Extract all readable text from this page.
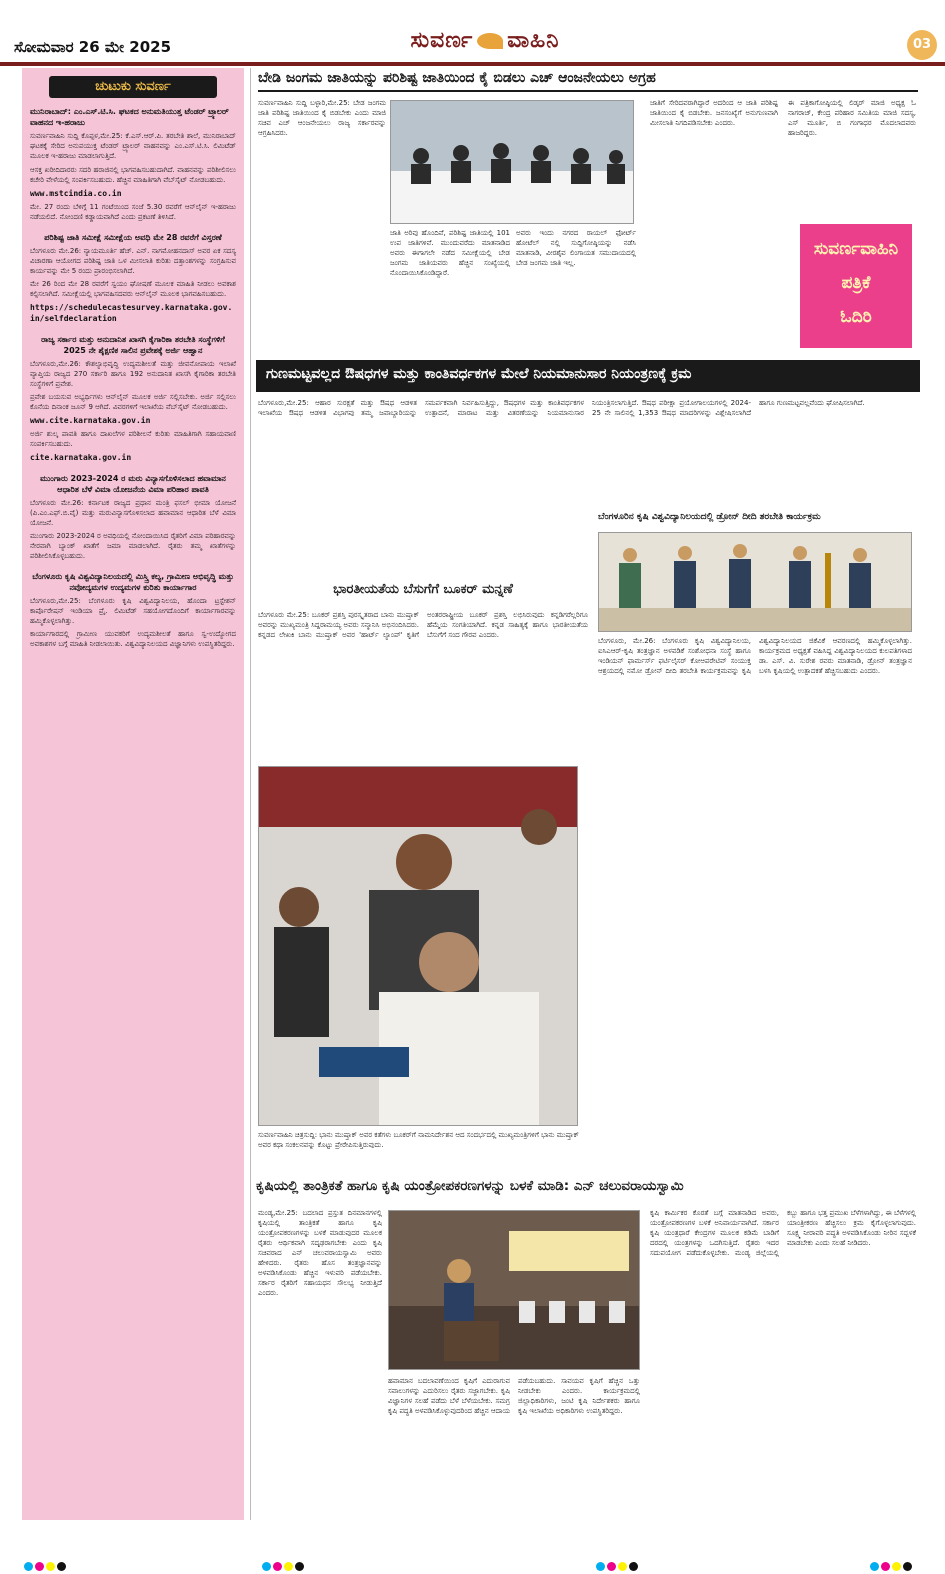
ಸೋಮವಾರ 26 ಮೇ 2025	ಸುವರ್ಣ ವಾಹಿನಿ	03
ಚುಟುಕು ಸುವರ್ಣ
ಮುನಿರಾಬಾದ್: ಎಂ.ಎಸ್.ಟಿ.ಸಿ. ಘಟಕದ ಅನುಮತಿಯುತ್ತ ಟೆಂಡರ್ ಟ್ರ್ಯಾಲರ್ ವಾಹನದ ಇ-ಹರಾಜು
ಸುವರ್ಣವಾಹಿನಿ ಸುದ್ದಿ ಕೊಪ್ಪಳ,ಮೇ.25: ಕೆ.ಎಸ್.ಆರ್.ಪಿ. ತರಬೇತಿ ಶಾಲೆ, ಮುನಿರಾಬಾದ್ ಘಟಕಕ್ಕೆ ಸೇರಿದ ಅನುಪಯುಕ್ತ ಟೆಂಡರ್ ಟ್ರ್ಯಾಲರ್ ವಾಹನವನ್ನು ಎಂ.ಎಸ್.ಟಿ.ಸಿ. ಲಿಮಿಟೆಡ್ ಮೂಲಕ ಇ-ಹರಾಜು ಮಾಡಲಾಗುತ್ತಿದೆ.
ಆಸಕ್ತ ಖರೀದಿದಾರರು ಸದರಿ ಹರಾಜಿನಲ್ಲಿ ಭಾಗವಹಿಸಬಹುದಾಗಿದೆ. ವಾಹನವನ್ನು ಪರಿಶೀಲಿಸಲು ಕಚೇರಿ ವೇಳೆಯಲ್ಲಿ ಸಂಪರ್ಕಿಸಬಹುದು. ಹೆಚ್ಚಿನ ಮಾಹಿತಿಗಾಗಿ ವೆಬ್‌ಸೈಟ್ ನೋಡಬಹುದು.
www.mstcindia.co.in
ಮೇ. 27 ರಂದು ಬೆಳಿಗ್ಗೆ 11 ಗಂಟೆಯಿಂದ ಸಂಜೆ 5.30 ರವರೆಗೆ ಆನ್‌ಲೈನ್ ಇ-ಹರಾಜು ನಡೆಯಲಿದೆ. ನೋಂದಣಿ ಕಡ್ಡಾಯವಾಗಿದೆ ಎಂದು ಪ್ರಕಟಣೆ ತಿಳಿಸಿದೆ.
ಪರಿಶಿಷ್ಟ ಜಾತಿ ಸಮೀಕ್ಷೆ ಸಮೀಕ್ಷೆಯ ಅವಧಿ ಮೇ 28 ರವರೆಗೆ ವಿಸ್ತರಣೆ
ಬೆಂಗಳೂರು ಮೇ.26: ನ್ಯಾಯಮೂರ್ತಿ ಹೆಚ್. ಎನ್. ನಾಗಮೋಹನದಾಸ್ ಅವರ ಏಕ ಸದಸ್ಯ ವಿಚಾರಣಾ ಆಯೋಗದ ಪರಿಶಿಷ್ಟ ಜಾತಿ ಒಳ ಮೀಸಲಾತಿ ಕುರಿತು ದತ್ತಾಂಶಗಳನ್ನು ಸಂಗ್ರಹಿಸುವ ಕಾರ್ಯವನ್ನು ಮೇ 5 ರಂದು ಪ್ರಾರಂಭಿಸಲಾಗಿದೆ.
ಮೇ 26 ರಿಂದ ಮೇ 28 ರವರೆಗೆ ಸ್ವಯಂ ಘೋಷಣೆ ಮೂಲಕ ಮಾಹಿತಿ ನೀಡಲು ಅವಕಾಶ ಕಲ್ಪಿಸಲಾಗಿದೆ. ಸಮೀಕ್ಷೆಯಲ್ಲಿ ಭಾಗವಹಿಸದವರು ಆನ್‌ಲೈನ್ ಮೂಲಕ ಭಾಗವಹಿಸಬಹುದು.
https://schedulecastesurvey.karnataka.gov.in/selfdeclaration
ರಾಜ್ಯ ಸರ್ಕಾರ ಮತ್ತು ಅನುದಾನಿತ ಖಾಸಗಿ ಕೈಗಾರಿಕಾ ತರಬೇತಿ ಸಂಸ್ಥೆಗಳಿಗೆ 2025 ನೇ ಶೈಕ್ಷಣಿಕ ಸಾಲಿನ ಪ್ರವೇಶಕ್ಕೆ ಅರ್ಜಿ ಆಹ್ವಾನ
ಬೆಂಗಳೂರು,ಮೇ.26: ಕೌಶಲ್ಯಾಭಿವೃದ್ಧಿ ಉದ್ಯಮಶೀಲತೆ ಮತ್ತು ಜೀವನೋಪಾಯ ಇಲಾಖೆ ವ್ಯಾಪ್ತಿಯ ರಾಜ್ಯದ 270 ಸರ್ಕಾರಿ ಹಾಗೂ 192 ಅನುದಾನಿತ ಖಾಸಗಿ ಕೈಗಾರಿಕಾ ತರಬೇತಿ ಸಂಸ್ಥೆಗಳಿಗೆ ಪ್ರವೇಶ.
ಪ್ರವೇಶ ಬಯಸುವ ಅಭ್ಯರ್ಥಿಗಳು ಆನ್‌ಲೈನ್ ಮೂಲಕ ಅರ್ಜಿ ಸಲ್ಲಿಸಬೇಕು. ಅರ್ಜಿ ಸಲ್ಲಿಸಲು ಕೊನೆಯ ದಿನಾಂಕ ಜೂನ್ 9 ಆಗಿದೆ. ವಿವರಗಳಿಗೆ ಇಲಾಖೆಯ ವೆಬ್‌ಸೈಟ್ ನೋಡಬಹುದು.
www.cite.karnataka.gov.in
ಅರ್ಜಿ ಶುಲ್ಕ ಪಾವತಿ ಹಾಗೂ ದಾಖಲೆಗಳ ಪರಿಶೀಲನೆ ಕುರಿತು ಮಾಹಿತಿಗಾಗಿ ಸಹಾಯವಾಣಿ ಸಂಪರ್ಕಿಸಬಹುದು.
cite.karnataka.gov.in
ಮುಂಗಾರು 2023-2024 ರ ಮರು ವಿನ್ಯಾಸಗೊಳಿಸಲಾದ ಹವಾಮಾನ ಆಧಾರಿತ ಬೆಳೆ ವಿಮಾ ಯೋಜನೆಯ ವಿಮಾ ಪರಿಹಾರ ಪಾವತಿ
ಬೆಂಗಳೂರು ಮೇ.26: ಕರ್ನಾಟಕ ರಾಜ್ಯದ ಪ್ರಧಾನ ಮಂತ್ರಿ ಫಸಲ್ ಭೀಮಾ ಯೋಜನೆ (ಪಿ.ಎಂ.ಎಫ್.ಬಿ.ವೈ) ಮತ್ತು ಮರುವಿನ್ಯಾಸಗೊಳಿಸಲಾದ ಹವಾಮಾನ ಆಧಾರಿತ ಬೆಳೆ ವಿಮಾ ಯೋಜನೆ.
ಮುಂಗಾರು 2023-2024 ರ ಅವಧಿಯಲ್ಲಿ ನೋಂದಾಯಿಸಿದ ರೈತರಿಗೆ ವಿಮಾ ಪರಿಹಾರವನ್ನು ನೇರವಾಗಿ ಬ್ಯಾಂಕ್ ಖಾತೆಗೆ ಜಮಾ ಮಾಡಲಾಗಿದೆ. ರೈತರು ತಮ್ಮ ಖಾತೆಗಳನ್ನು ಪರಿಶೀಲಿಸಿಕೊಳ್ಳಬಹುದು.
ಬೆಂಗಳೂರು ಕೃಷಿ ವಿಶ್ವವಿದ್ಯಾನಿಲಯದಲ್ಲಿ ಮಿಸ್ತ್ರಿ ಕಲ್ಯ, ಗ್ರಾಮೀಣ ಅಭಿವೃದ್ಧಿ ಮತ್ತು ನವೋದ್ಯಮಗಳ ಉದ್ಯಮಗಳ ಕುರಿತು ಕಾರ್ಯಾಗಾರ
ಬೆಂಗಳೂರು,ಮೇ.25: ಬೆಂಗಳೂರು ಕೃಷಿ ವಿಶ್ವವಿದ್ಯಾನಿಲಯ, ಹೊಂದಾ ಟ್ರಸ್ಟೇಶನ್ ಕಾರ್ಪೊರೇಷನ್ ಇಂಡಿಯಾ ಪ್ರೈ. ಲಿಮಿಟೆಡ್ ಸಹಯೋಗದೊಂದಿಗೆ ಕಾರ್ಯಾಗಾರವನ್ನು ಹಮ್ಮಿಕೊಳ್ಳಲಾಗಿತ್ತು.
ಕಾರ್ಯಾಗಾರದಲ್ಲಿ ಗ್ರಾಮೀಣ ಯುವಕರಿಗೆ ಉದ್ಯಮಶೀಲತೆ ಹಾಗೂ ಸ್ವ-ಉದ್ಯೋಗದ ಅವಕಾಶಗಳ ಬಗ್ಗೆ ಮಾಹಿತಿ ನೀಡಲಾಯಿತು. ವಿಶ್ವವಿದ್ಯಾನಿಲಯದ ವಿಜ್ಞಾನಿಗಳು ಉಪಸ್ಥಿತರಿದ್ದರು.
ಬೇಡಿ ಜಂಗಮ ಜಾತಿಯನ್ನು ಪರಿಶಿಷ್ಟ ಜಾತಿಯಿಂದ ಕೈ ಬಿಡಲು ಎಚ್ ಆಂಜನೇಯಲು ಅಗ್ರಹ
ಸುವರ್ಣವಾಹಿನಿ ಸುದ್ದಿ ಬಳ್ಳಾರಿ,ಮೇ.25: ಬೇಡ ಜಂಗಮ ಜಾತಿ ಪರಿಶಿಷ್ಟ ಜಾತಿಯಿಂದ ಕೈ ಬಿಡಬೇಕು ಎಂದು ಮಾಜಿ ಸಚಿವ ಎಚ್ ಆಂಜನೇಯಲು ರಾಜ್ಯ ಸರ್ಕಾರವನ್ನು ಆಗ್ರಹಿಸಿದರು.
ಜಾತಿ ಅರಿವು ಹೊಂದಿವೆ, ಪರಿಶಿಷ್ಟ ಜಾತಿಯಲ್ಲಿ 101 ಉಪ ಜಾತಿಗಳಿವೆ. ಮುಂದುವರೆದು ಮಾತನಾಡಿದ ಅವರು ಈಗಾಗಲೇ ನಡೆದ ಸಮೀಕ್ಷೆಯಲ್ಲಿ ಬೇಡ ಜಂಗಮ ಜಾತಿಯವರು ಹೆಚ್ಚಿನ ಸಂಖ್ಯೆಯಲ್ಲಿ ನೊಂದಾಯಿಸಿಕೊಂಡಿದ್ದಾರೆ.
ಅವರು ಇಂದು ನಗರದ ರಾಯಲ್ ಫೋರ್ಟ್ ಹೋಟೆಲ್ ನಲ್ಲಿ ಸುದ್ದಿಗೋಷ್ಠಿಯನ್ನು ನಡೆಸಿ ಮಾತನಾಡಿ, ವೀರಶೈವ ಲಿಂಗಾಯತ ಸಮುದಾಯದಲ್ಲಿ ಬೇಡ ಜಂಗಮ ಜಾತಿ ಇಲ್ಲ.
ಜಾತಿಗೆ ಸೇರಿದವರಾಗಿದ್ದಾರೆ ಅದರಿಂದ ಆ ಜಾತಿ ಪರಿಶಿಷ್ಟ ಜಾತಿಯಿಂದ ಕೈ ಬಿಡಬೇಕು. ಜನಸಂಖ್ಯೆಗೆ ಅನುಗುಣವಾಗಿ ಮೀಸಲಾತಿ ನಿಗದಿಪಡಿಸಬೇಕು ಎಂದರು.
ಈ ಪತ್ರಿಕಾಗೋಷ್ಠಿಯಲ್ಲಿ ಲಿಡ್ಕರ್ ಮಾಜಿ ಅಧ್ಯಕ್ಷ ಓ ನಾಗರಾಜ್, ಕೇಂದ್ರ ಪರಿಹಾರ ಸಮಿತಿಯ ಮಾಜಿ ಸದಸ್ಯ, ಎಸ್ ಮೂರ್ತಿ, ಬಿ ಗಂಗಾಧರ ಮೊದಲಾದವರು ಹಾಜರಿದ್ದರು.
ಸುವರ್ಣವಾಹಿನಿ
ಪತ್ರಿಕೆ
ಓದಿರಿ
ಗುಣಮಟ್ಟವಲ್ಲದ ಔಷಧಗಳ ಮತ್ತು ಕಾಂತಿವರ್ಧಕಗಳ ಮೇಲೆ ನಿಯಮಾನುಸಾರ ನಿಯಂತ್ರಣಕ್ಕೆ ಕ್ರಮ
ಬೆಂಗಳೂರು,ಮೇ.25: ಆಹಾರ ಸುರಕ್ಷತೆ ಮತ್ತು ಔಷಧ ಆಡಳಿತ ಇಲಾಖೆಯ ಔಷಧ ಆಡಳಿತ ವಿಭಾಗವು ತಮ್ಮ ಜವಾಬ್ದಾರಿಯನ್ನು ಸಮರ್ಪಕವಾಗಿ ನಿರ್ವಹಿಸುತ್ತಿದ್ದು, ಔಷಧಗಳ ಮತ್ತು ಕಾಂತಿವರ್ಧಕಗಳ ಉತ್ಪಾದನೆ, ಮಾರಾಟ ಮತ್ತು ವಿತರಣೆಯನ್ನು ನಿಯಮಾನುಸಾರ ನಿಯಂತ್ರಿಸಲಾಗುತ್ತಿದೆ. ಔಷಧ ಪರೀಕ್ಷಾ ಪ್ರಯೋಗಾಲಯಗಳಲ್ಲಿ 2024-25 ನೇ ಸಾಲಿನಲ್ಲಿ 1,353 ಔಷಧ ಮಾದರಿಗಳನ್ನು ವಿಶ್ಲೇಷಿಸಲಾಗಿದೆ ಹಾಗೂ ಗುಣಮಟ್ಟವಲ್ಲವೆಂದು ಘೋಷಿಸಲಾಗಿದೆ.
ಬೆಂಗಳೂರಿನ ಕೃಷಿ ವಿಶ್ವವಿದ್ಯಾನಿಲಯದಲ್ಲಿ ಡ್ರೋನ್ ದೀದಿ ತರಬೇತಿ ಕಾರ್ಯಕ್ರಮ
ಬೆಂಗಳೂರು, ಮೇ.26: ಬೆಂಗಳೂರು ಕೃಷಿ ವಿಶ್ವವಿದ್ಯಾನಿಲಯ, ಐಸಿಎಆರ್-ಕೃಷಿ ತಂತ್ರಜ್ಞಾನ ಅಳವಡಿಕೆ ಸಂಶೋಧನಾ ಸಂಸ್ಥೆ ಹಾಗೂ ಇಂಡಿಯನ್ ಫಾರ್ಮರ್ಸ್ ಫರ್ಟಿಲೈಸರ್ ಕೋಆಪರೇಟಿವ್ ಸಂಯುಕ್ತ ಆಶ್ರಯದಲ್ಲಿ ನಮೋ ಡ್ರೋನ್ ದೀದಿ ತರಬೇತಿ ಕಾರ್ಯಕ್ರಮವನ್ನು ಕೃಷಿ ವಿಶ್ವವಿದ್ಯಾನಿಲಯದ ಜಿಕೆವಿಕೆ ಆವರಣದಲ್ಲಿ ಹಮ್ಮಿಕೊಳ್ಳಲಾಗಿತ್ತು. ಕಾರ್ಯಕ್ರಮದ ಅಧ್ಯಕ್ಷತೆ ವಹಿಸಿದ್ದ ವಿಶ್ವವಿದ್ಯಾನಿಲಯದ ಕುಲಪತಿಗಳಾದ ಡಾ. ಎಸ್. ವಿ. ಸುರೇಶ ರವರು ಮಾತನಾಡಿ, ಡ್ರೋನ್ ತಂತ್ರಜ್ಞಾನ ಬಳಸಿ ಕೃಷಿಯಲ್ಲಿ ಉತ್ಪಾದಕತೆ ಹೆಚ್ಚಿಸಬಹುದು ಎಂದರು.
ಭಾರತೀಯತೆಯ ಬೆಸುಗೆಗೆ ಬೂಕರ್ ಮನ್ನಣೆ
ಬೆಂಗಳೂರು ಮೇ.25: ಬೂಕರ್ ಪ್ರಶಸ್ತಿ ಪುರಸ್ಕೃತರಾದ ಬಾನು ಮುಷ್ತಾಕ್ ಅವರನ್ನು ಮುಖ್ಯಮಂತ್ರಿ ಸಿದ್ದರಾಮಯ್ಯ ಅವರು ಸನ್ಮಾನಿಸಿ ಅಭಿನಂದಿಸಿದರು. ಕನ್ನಡದ ಲೇಖಕಿ ಬಾನು ಮುಷ್ತಾಕ್ ಅವರ 'ಹಾರ್ಟ್ ಲ್ಯಾಂಪ್' ಕೃತಿಗೆ ಅಂತರರಾಷ್ಟ್ರೀಯ ಬೂಕರ್ ಪ್ರಶಸ್ತಿ ಲಭಿಸಿರುವುದು ಕನ್ನಡಿಗರೆಲ್ಲರಿಗೂ ಹೆಮ್ಮೆಯ ಸಂಗತಿಯಾಗಿದೆ. ಕನ್ನಡ ಸಾಹಿತ್ಯಕ್ಕೆ ಹಾಗೂ ಭಾರತೀಯತೆಯ ಬೆಸುಗೆಗೆ ಸಂದ ಗೌರವ ಎಂದರು.
ಸುವರ್ಣವಾಹಿನಿ ಚಿತ್ರಸುದ್ದಿ: ಭಾನು ಮುಷ್ತಾಕ್ ಅವರ ಕತೆಗಳು ಬೂಕರ್‌ಗೆ ನಾಮನಿರ್ದೇಶನ ಆದ ಸಂದರ್ಭದಲ್ಲಿ ಮುಖ್ಯಮಂತ್ರಿಗಳಿಗೆ ಭಾನು ಮುಷ್ತಾಕ್ ಅವರ ಕಥಾ ಸಂಕಲನವನ್ನು ಕೊಟ್ಟು ಪ್ರೇರೇಪಿಸುತ್ತಿರುವುದು.
ಕೃಷಿಯಲ್ಲಿ ತಾಂತ್ರಿಕತೆ ಹಾಗೂ ಕೃಷಿ ಯಂತ್ರೋಪಕರಣಗಳನ್ನು ಬಳಕೆ ಮಾಡಿ: ಎನ್ ಚಲುವರಾಯಸ್ವಾಮಿ
ಮಂಡ್ಯ,ಮೇ.25: ಬದಲಾದ ಪ್ರಸ್ತುತ ದಿನಮಾನಗಳಲ್ಲಿ ಕೃಷಿಯಲ್ಲಿ ತಾಂತ್ರಿಕತೆ ಹಾಗೂ ಕೃಷಿ ಯಂತ್ರೋಪಕರಣಗಳನ್ನು ಬಳಕೆ ಮಾಡುವುದರ ಮೂಲಕ ರೈತರು ಆರ್ಥಿಕವಾಗಿ ಸದೃಢರಾಗಬೇಕು ಎಂದು ಕೃಷಿ ಸಚಿವರಾದ ಎನ್ ಚಲುವರಾಯಸ್ವಾಮಿ ಅವರು ಹೇಳಿದರು. ರೈತರು ಹೊಸ ತಂತ್ರಜ್ಞಾನವನ್ನು ಅಳವಡಿಸಿಕೊಂಡು ಹೆಚ್ಚಿನ ಇಳುವರಿ ಪಡೆಯಬೇಕು. ಸರ್ಕಾರ ರೈತರಿಗೆ ಸಹಾಯಧನ ಸೌಲಭ್ಯ ನೀಡುತ್ತಿದೆ ಎಂದರು.
ಹವಾಮಾನ ಬದಲಾವಣೆಯಿಂದ ಕೃಷಿಗೆ ಎದುರಾಗುವ ಸವಾಲುಗಳನ್ನು ಎದುರಿಸಲು ರೈತರು ಸಜ್ಜಾಗಬೇಕು. ಕೃಷಿ ವಿಜ್ಞಾನಿಗಳ ಸಲಹೆ ಪಡೆದು ಬೆಳೆ ಬೆಳೆಯಬೇಕು. ಸಮಗ್ರ ಕೃಷಿ ಪದ್ಧತಿ ಅಳವಡಿಸಿಕೊಳ್ಳುವುದರಿಂದ ಹೆಚ್ಚಿನ ಆದಾಯ ಪಡೆಯಬಹುದು. ಸಾವಯವ ಕೃಷಿಗೆ ಹೆಚ್ಚಿನ ಒತ್ತು ನೀಡಬೇಕು ಎಂದರು. ಕಾರ್ಯಕ್ರಮದಲ್ಲಿ ಜಿಲ್ಲಾಧಿಕಾರಿಗಳು, ಜಂಟಿ ಕೃಷಿ ನಿರ್ದೇಶಕರು ಹಾಗೂ ಕೃಷಿ ಇಲಾಖೆಯ ಅಧಿಕಾರಿಗಳು ಉಪಸ್ಥಿತರಿದ್ದರು.
ಕೃಷಿ ಕಾರ್ಮಿಕರ ಕೊರತೆ ಬಗ್ಗೆ ಮಾತನಾಡಿದ ಅವರು, ಯಂತ್ರೋಪಕರಣಗಳ ಬಳಕೆ ಅನಿವಾರ್ಯವಾಗಿದೆ. ಸರ್ಕಾರ ಕೃಷಿ ಯಂತ್ರಧಾರೆ ಕೇಂದ್ರಗಳ ಮೂಲಕ ಕಡಿಮೆ ಬಾಡಿಗೆ ದರದಲ್ಲಿ ಯಂತ್ರಗಳನ್ನು ಒದಗಿಸುತ್ತಿದೆ. ರೈತರು ಇದರ ಸದುಪಯೋಗ ಪಡೆದುಕೊಳ್ಳಬೇಕು. ಮಂಡ್ಯ ಜಿಲ್ಲೆಯಲ್ಲಿ ಕಬ್ಬು ಹಾಗೂ ಭತ್ತ ಪ್ರಮುಖ ಬೆಳೆಗಳಾಗಿದ್ದು, ಈ ಬೆಳೆಗಳಲ್ಲಿ ಯಾಂತ್ರೀಕರಣ ಹೆಚ್ಚಿಸಲು ಕ್ರಮ ಕೈಗೊಳ್ಳಲಾಗುವುದು. ಸೂಕ್ಷ್ಮ ನೀರಾವರಿ ಪದ್ಧತಿ ಅಳವಡಿಸಿಕೊಂಡು ನೀರಿನ ಸದ್ಬಳಕೆ ಮಾಡಬೇಕು ಎಂದು ಸಲಹೆ ನೀಡಿದರು.
